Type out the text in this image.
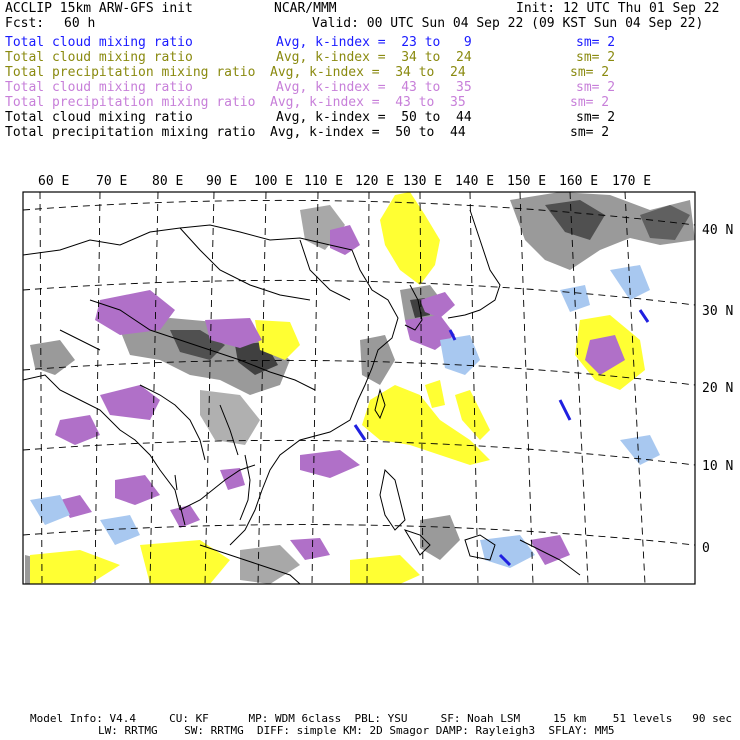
ACCLIP 15km ARW-GFS init	NCAR/MMM	Init: 12 UTC Thu 01 Sep 22
Fcst: 60 h	Valid: 00 UTC Sun 04 Sep 22 (09 KST Sun 04 Sep 22)
Total cloud mixing ratio	Avg, k-index =  23 to   9	sm= 2
Total cloud mixing ratio	Avg, k-index =  34 to  24	sm= 2
Total precipitation mixing ratio Avg, k-index =  34 to  24	sm= 2
Total cloud mixing ratio	Avg, k-index =  43 to  35	sm= 2
Total precipitation mixing ratio Avg, k-index =  43 to  35	sm= 2
Total cloud mixing ratio	Avg, k-index =  50 to  44	sm= 2
Total precipitation mixing ratio Avg, k-index =  50 to  44	sm= 2
60 E 70 E 80 E 90 E 100 E 110 E 120 E 130 E 140 E 150 E 160 E 170 E
40 N
30 N
20 N
10 N
0
Model Info: V4.4     CU: KF      MP: WDM 6class  PBL: YSU     SF: Noah LSM     15 km    51 levels   90 sec
LW: RRTMG    SW: RRTMG  DIFF: simple KM: 2D Smagor DAMP: Rayleigh3  SFLAY: MM5
